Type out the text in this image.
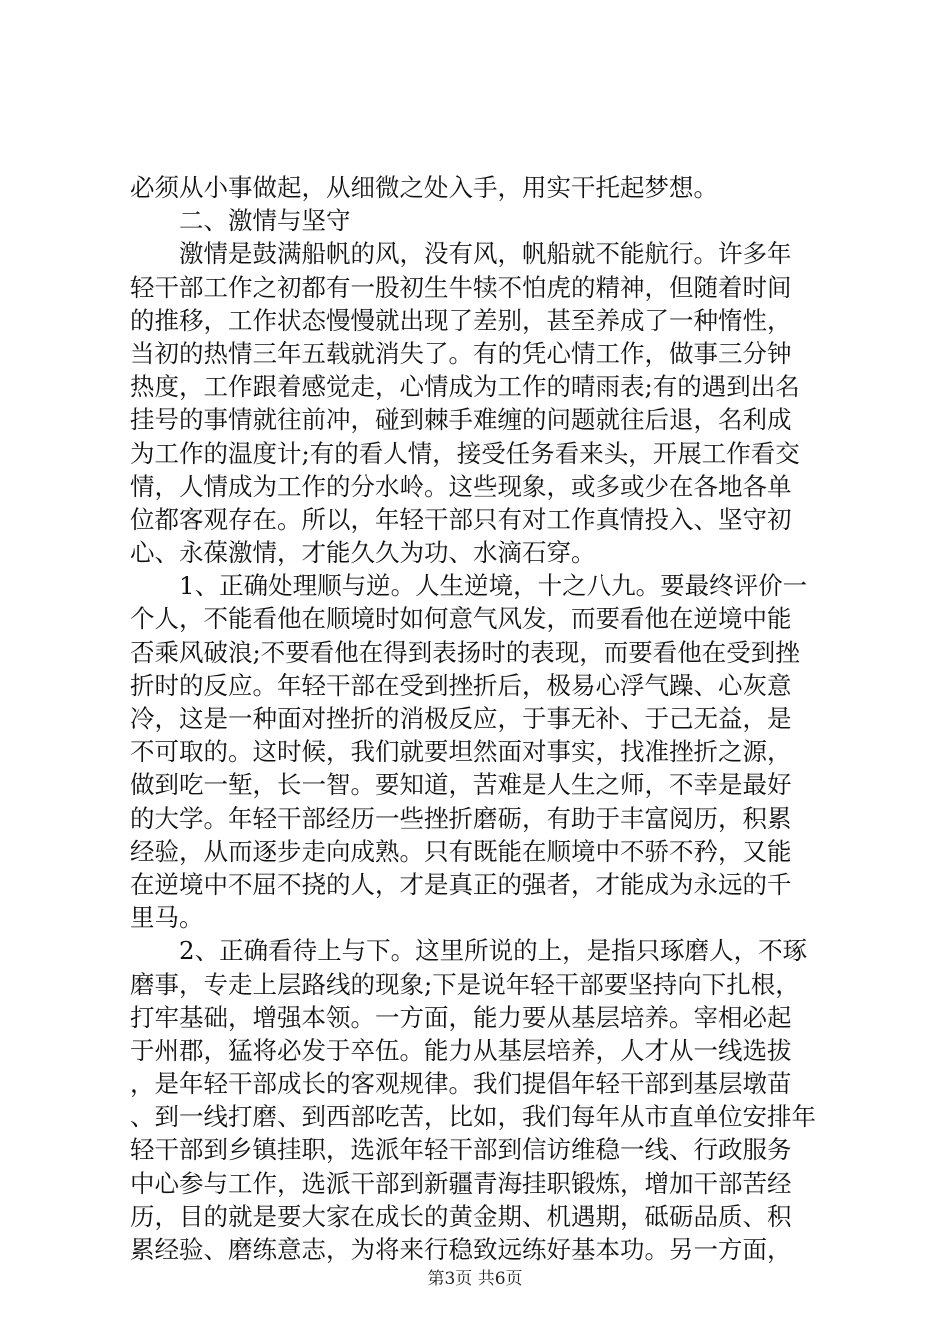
必须从小事做起，从细微之处入手，用实干托起梦想。
二、激情与坚守
激情是鼓满船帆的风，没有风，帆船就不能航行。许多年
轻干部工作之初都有一股初生牛犊不怕虎的精神，但随着时间
的推移，工作状态慢慢就出现了差别，甚至养成了一种惰性，
当初的热情三年五载就消失了。有的凭心情工作，做事三分钟
热度，工作跟着感觉走，心情成为工作的晴雨表;有的遇到出名
挂号的事情就往前冲，碰到棘手难缠的问题就往后退，名利成
为工作的温度计;有的看人情，接受任务看来头，开展工作看交
情，人情成为工作的分水岭。这些现象，或多或少在各地各单
位都客观存在。所以，年轻干部只有对工作真情投入、坚守初
心、永葆激情，才能久久为功、水滴石穿。
1、正确处理顺与逆。人生逆境，十之八九。要最终评价一
个人，不能看他在顺境时如何意气风发，而要看他在逆境中能
否乘风破浪;不要看他在得到表扬时的表现，而要看他在受到挫
折时的反应。年轻干部在受到挫折后，极易心浮气躁、心灰意
冷，这是一种面对挫折的消极反应，于事无补、于己无益，是
不可取的。这时候，我们就要坦然面对事实，找准挫折之源，
做到吃一堑，长一智。要知道，苦难是人生之师，不幸是最好
的大学。年轻干部经历一些挫折磨砺，有助于丰富阅历，积累
经验，从而逐步走向成熟。只有既能在顺境中不骄不矜，又能
在逆境中不屈不挠的人，才是真正的强者，才能成为永远的千
里马。
2、正确看待上与下。这里所说的上，是指只琢磨人，不琢
磨事，专走上层路线的现象;下是说年轻干部要坚持向下扎根，
打牢基础，增强本领。一方面，能力要从基层培养。宰相必起
于州郡，猛将必发于卒伍。能力从基层培养，人才从一线选拔
，是年轻干部成长的客观规律。我们提倡年轻干部到基层墩苗
、到一线打磨、到西部吃苦，比如，我们每年从市直单位安排年
轻干部到乡镇挂职，选派年轻干部到信访维稳一线、行政服务
中心参与工作，选派干部到新疆青海挂职锻炼，增加干部苦经
历，目的就是要大家在成长的黄金期、机遇期，砥砺品质、积
累经验、磨练意志，为将来行稳致远练好基本功。另一方面，
第3页 共6页
